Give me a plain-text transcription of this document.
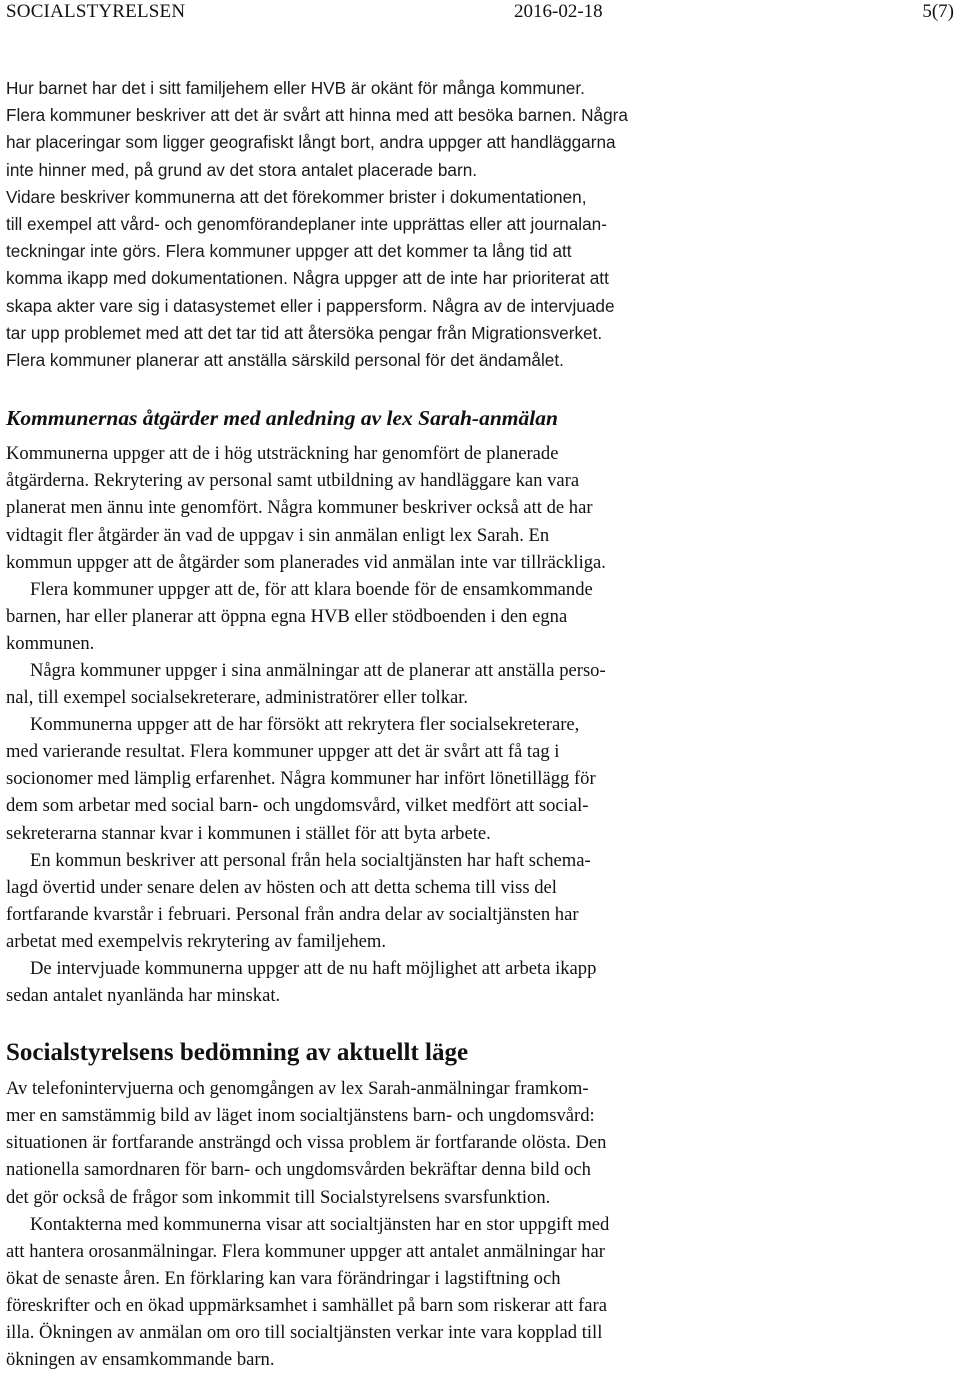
SOCIALSTYRELSEN	2016-02-18	5(7)
Hur barnet har det i sitt familjehem eller HVB är okänt för många kommuner.
Flera kommuner beskriver att det är svårt att hinna med att besöka barnen. Några
har placeringar som ligger geografiskt långt bort, andra uppger att handläggarna
inte hinner med, på grund av det stora antalet placerade barn.
Vidare beskriver kommunerna att det förekommer brister i dokumentationen,
till exempel att vård- och genomförandeplaner inte upprättas eller att journalan-
teckningar inte görs. Flera kommuner uppger att det kommer ta lång tid att
komma ikapp med dokumentationen. Några uppger att de inte har prioriterat att
skapa akter vare sig i datasystemet eller i pappersform. Några av de intervjuade
tar upp problemet med att det tar tid att återsöka pengar från Migrationsverket.
Flera kommuner planerar att anställa särskild personal för det ändamålet.
Kommunernas åtgärder med anledning av lex Sarah-anmälan
Kommunerna uppger att de i hög utsträckning har genomfört de planerade
åtgärderna. Rekrytering av personal samt utbildning av handläggare kan vara
planerat men ännu inte genomfört. Några kommuner beskriver också att de har
vidtagit fler åtgärder än vad de uppgav i sin anmälan enligt lex Sarah. En
kommun uppger att de åtgärder som planerades vid anmälan inte var tillräckliga.
Flera kommuner uppger att de, för att klara boende för de ensamkommande
barnen, har eller planerar att öppna egna HVB eller stödboenden i den egna
kommunen.
Några kommuner uppger i sina anmälningar att de planerar att anställa perso-
nal, till exempel socialsekreterare, administratörer eller tolkar.
Kommunerna uppger att de har försökt att rekrytera fler socialsekreterare,
med varierande resultat. Flera kommuner uppger att det är svårt att få tag i
socionomer med lämplig erfarenhet. Några kommuner har infört lönetillägg för
dem som arbetar med social barn- och ungdomsvård, vilket medfört att social-
sekreterarna stannar kvar i kommunen i stället för att byta arbete.
En kommun beskriver att personal från hela socialtjänsten har haft schema-
lagd övertid under senare delen av hösten och att detta schema till viss del
fortfarande kvarstår i februari. Personal från andra delar av socialtjänsten har
arbetat med exempelvis rekrytering av familjehem.
De intervjuade kommunerna uppger att de nu haft möjlighet att arbeta ikapp
sedan antalet nyanlända har minskat.
Socialstyrelsens bedömning av aktuellt läge
Av telefonintervjuerna och genomgången av lex Sarah-anmälningar framkom-
mer en samstämmig bild av läget inom socialtjänstens barn- och ungdomsvård:
situationen är fortfarande ansträngd och vissa problem är fortfarande olösta. Den
nationella samordnaren för barn- och ungdomsvården bekräftar denna bild och
det gör också de frågor som inkommit till Socialstyrelsens svarsfunktion.
Kontakterna med kommunerna visar att socialtjänsten har en stor uppgift med
att hantera orosanmälningar. Flera kommuner uppger att antalet anmälningar har
ökat de senaste åren. En förklaring kan vara förändringar i lagstiftning och
föreskrifter och en ökad uppmärksamhet i samhället på barn som riskerar att fara
illa. Ökningen av anmälan om oro till socialtjänsten verkar inte vara kopplad till
ökningen av ensamkommande barn.
